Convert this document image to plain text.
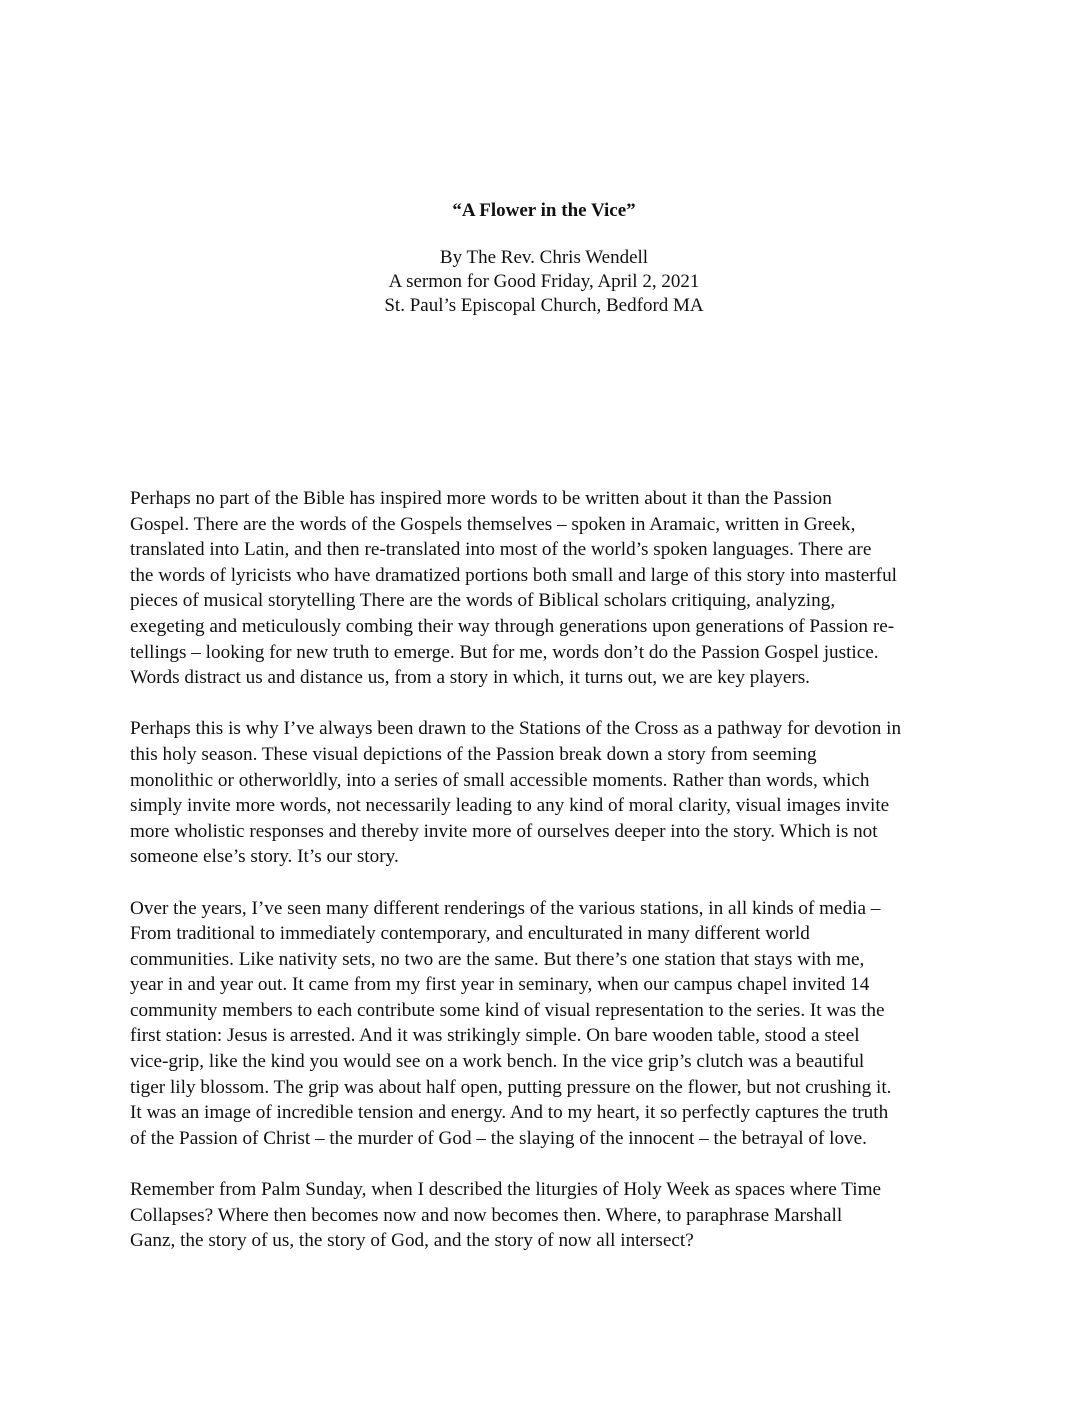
“A Flower in the Vice”
By The Rev. Chris Wendell
A sermon for Good Friday, April 2, 2021
St. Paul’s Episcopal Church, Bedford MA

Perhaps no part of the Bible has inspired more words to be written about it than the Passion
Gospel. There are the words of the Gospels themselves – spoken in Aramaic, written in Greek,
translated into Latin, and then re-translated into most of the world’s spoken languages. There are
the words of lyricists who have dramatized portions both small and large of this story into masterful
pieces of musical storytelling There are the words of Biblical scholars critiquing, analyzing,
exegeting and meticulously combing their way through generations upon generations of Passion re-
tellings – looking for new truth to emerge. But for me, words don’t do the Passion Gospel justice.
Words distract us and distance us, from a story in which, it turns out, we are key players.

Perhaps this is why I’ve always been drawn to the Stations of the Cross as a pathway for devotion in
this holy season. These visual depictions of the Passion break down a story from seeming
monolithic or otherworldly, into a series of small accessible moments. Rather than words, which
simply invite more words, not necessarily leading to any kind of moral clarity, visual images invite
more wholistic responses and thereby invite more of ourselves deeper into the story. Which is not
someone else’s story. It’s our story.

Over the years, I’ve seen many different renderings of the various stations, in all kinds of media –
From traditional to immediately contemporary, and enculturated in many different world
communities. Like nativity sets, no two are the same. But there’s one station that stays with me,
year in and year out. It came from my first year in seminary, when our campus chapel invited 14
community members to each contribute some kind of visual representation to the series. It was the
first station: Jesus is arrested. And it was strikingly simple. On bare wooden table, stood a steel
vice-grip, like the kind you would see on a work bench. In the vice grip’s clutch was a beautiful
tiger lily blossom. The grip was about half open, putting pressure on the flower, but not crushing it.
It was an image of incredible tension and energy. And to my heart, it so perfectly captures the truth
of the Passion of Christ – the murder of God – the slaying of the innocent – the betrayal of love.

Remember from Palm Sunday, when I described the liturgies of Holy Week as spaces where Time
Collapses? Where then becomes now and now becomes then. Where, to paraphrase Marshall
Ganz, the story of us, the story of God, and the story of now all intersect?
